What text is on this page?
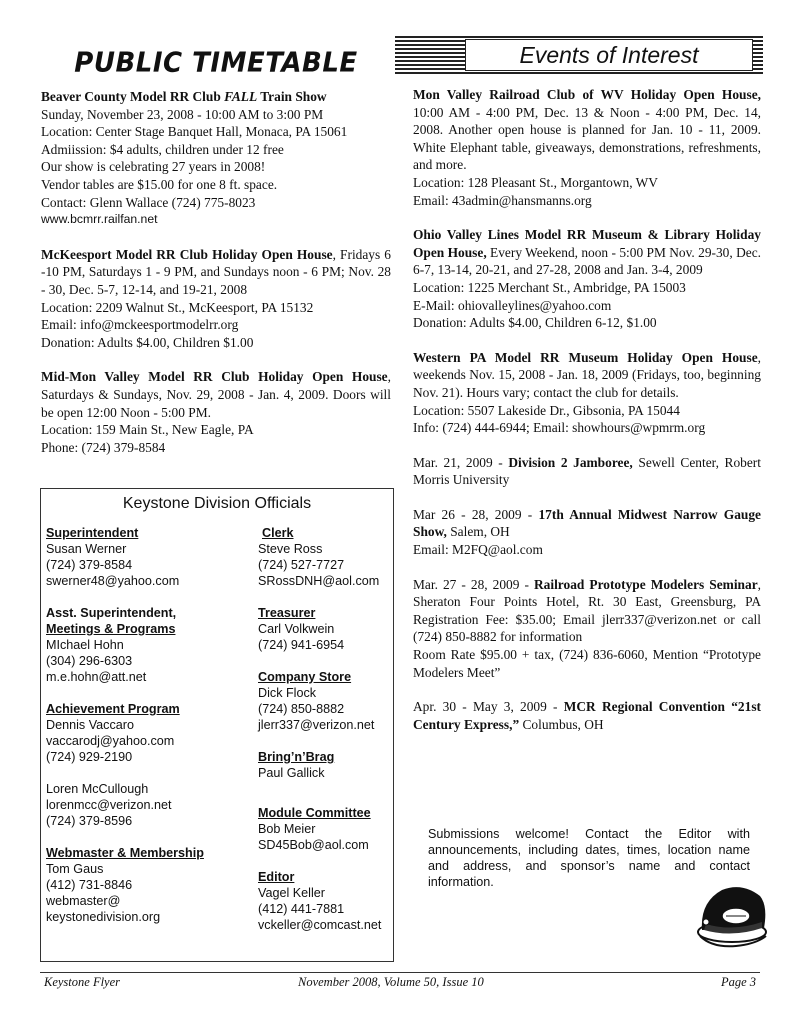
PUBLIC TIMETABLE
Beaver County Model RR Club FALL Train Show
Sunday, November 23, 2008 - 10:00 AM to 3:00 PM
Location: Center Stage Banquet Hall, Monaca, PA 15061
Admiission: $4 adults, children under 12 free
Our show is celebrating 27 years in 2008!
Vendor tables are $15.00 for one 8 ft. space.
Contact: Glenn Wallace (724) 775-8023
www.bcmrr.railfan.net
McKeesport Model RR Club Holiday Open House, Fridays 6 -10 PM, Saturdays 1 - 9 PM, and Sundays noon - 6 PM; Nov. 28 - 30, Dec. 5-7, 12-14, and 19-21, 2008
Location: 2209 Walnut St., McKeesport, PA 15132
Email: info@mckeesportmodelrr.org
Donation: Adults $4.00, Children $1.00
Mid-Mon Valley Model RR Club Holiday Open House, Saturdays & Sundays, Nov. 29, 2008 - Jan. 4, 2009. Doors will be open 12:00 Noon - 5:00 PM.
Location: 159 Main St., New Eagle, PA
Phone: (724) 379-8584
Keystone Division Officials
Superintendent
Susan Werner
(724) 379-8584
swerner48@yahoo.com
Asst. Superintendent,
Meetings & Programs
MIchael Hohn
(304) 296-6303
m.e.hohn@att.net
Achievement Program
Dennis Vaccaro
vaccarodj@yahoo.com
(724) 929-2190
Loren McCullough
lorenmcc@verizon.net
(724) 379-8596
Webmaster & Membership
Tom Gaus
(412) 731-8846
webmaster@
keystonedivision.org
Clerk
Steve Ross
(724) 527-7727
SRossDNH@aol.com
Treasurer
Carl Volkwein
(724) 941-6954
Company Store
Dick Flock
(724) 850-8882
jlerr337@verizon.net
Bring’n’Brag
Paul Gallick
Module Committee
Bob Meier
SD45Bob@aol.com
Editor
Vagel Keller
(412) 441-7881
vckeller@comcast.net
Events of Interest
Mon Valley Railroad Club of WV Holiday Open House, 10:00 AM - 4:00 PM, Dec. 13 & Noon - 4:00 PM, Dec. 14, 2008. Another open house is planned for Jan. 10 - 11, 2009. White Elephant table, giveaways, demonstrations, refreshments, and more.
Location: 128 Pleasant St., Morgantown, WV
Email: 43admin@hansmanns.org
Ohio Valley Lines Model RR Museum & Library Holiday Open House, Every Weekend, noon - 5:00 PM Nov. 29-30, Dec. 6-7, 13-14, 20-21, and 27-28, 2008 and Jan. 3-4, 2009
Location: 1225 Merchant St., Ambridge, PA 15003
E-Mail: ohiovalleylines@yahoo.com
Donation: Adults $4.00, Children 6-12, $1.00
Western PA Model RR Museum Holiday Open House, weekends Nov. 15, 2008 - Jan. 18, 2009 (Fridays, too, beginning Nov. 21). Hours vary; contact the club for details.
Location: 5507 Lakeside Dr., Gibsonia, PA 15044
Info: (724) 444-6944; Email: showhours@wpmrm.org
Mar. 21, 2009 - Division 2 Jamboree, Sewell Center, Robert Morris University
Mar 26 - 28, 2009 - 17th Annual Midwest Narrow Gauge Show, Salem, OH
Email: M2FQ@aol.com
Mar. 27 - 28, 2009 - Railroad Prototype Modelers Seminar, Sheraton Four Points Hotel, Rt. 30 East, Greensburg, PA Registration Fee: $35.00; Email jlerr337@verizon.net or call (724) 850-8882 for information
Room Rate $95.00 + tax, (724) 836-6060, Mention “Prototype Modelers Meet”
Apr. 30 - May 3, 2009 - MCR Regional Convention “21st Century Express,” Columbus, OH
Submissions welcome! Contact the Editor with announcements, including dates, times, location name and address, and sponsor’s name and contact information.
Keystone Flyer	November 2008, Volume 50, Issue 10	Page 3
